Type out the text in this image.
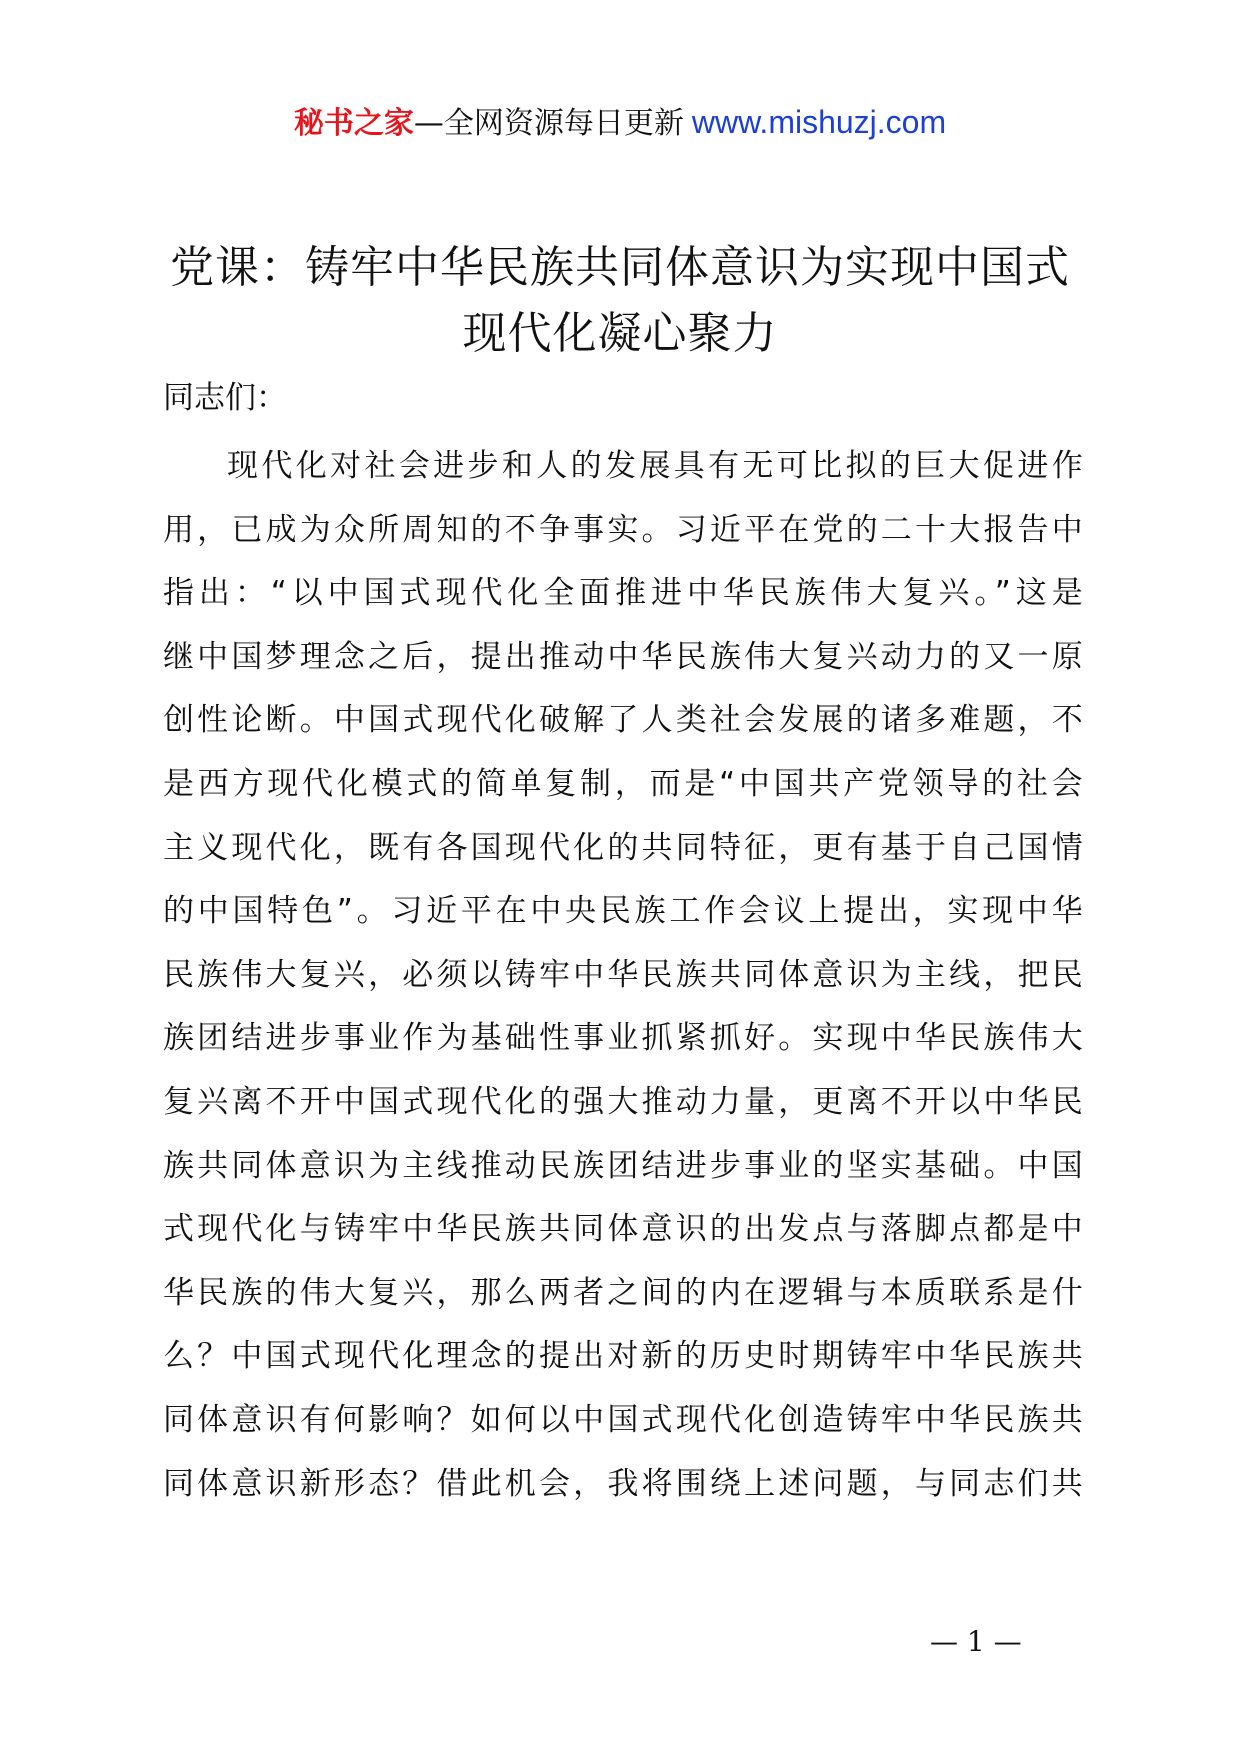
秘书之家—全网资源每日更新 www.mishuzj.com
党课：铸牢中华民族共同体意识为实现中国式
现代化凝心聚力

同志们：

现代化对社会进步和人的发展具有无可比拟的巨大促进作
用，已成为众所周知的不争事实。习近平在党的二十大报告中
指出：“以中国式现代化全面推进中华民族伟大复兴。”这是
继中国梦理念之后，提出推动中华民族伟大复兴动力的又一原
创性论断。中国式现代化破解了人类社会发展的诸多难题，不
是西方现代化模式的简单复制，而是“中国共产党领导的社会
主义现代化，既有各国现代化的共同特征，更有基于自己国情
的中国特色”。习近平在中央民族工作会议上提出，实现中华
民族伟大复兴，必须以铸牢中华民族共同体意识为主线，把民
族团结进步事业作为基础性事业抓紧抓好。实现中华民族伟大
复兴离不开中国式现代化的强大推动力量，更离不开以中华民
族共同体意识为主线推动民族团结进步事业的坚实基础。中国
式现代化与铸牢中华民族共同体意识的出发点与落脚点都是中
华民族的伟大复兴，那么两者之间的内在逻辑与本质联系是什
么？中国式现代化理念的提出对新的历史时期铸牢中华民族共
同体意识有何影响？如何以中国式现代化创造铸牢中华民族共
同体意识新形态？借此机会，我将围绕上述问题，与同志们共
— 1 —
